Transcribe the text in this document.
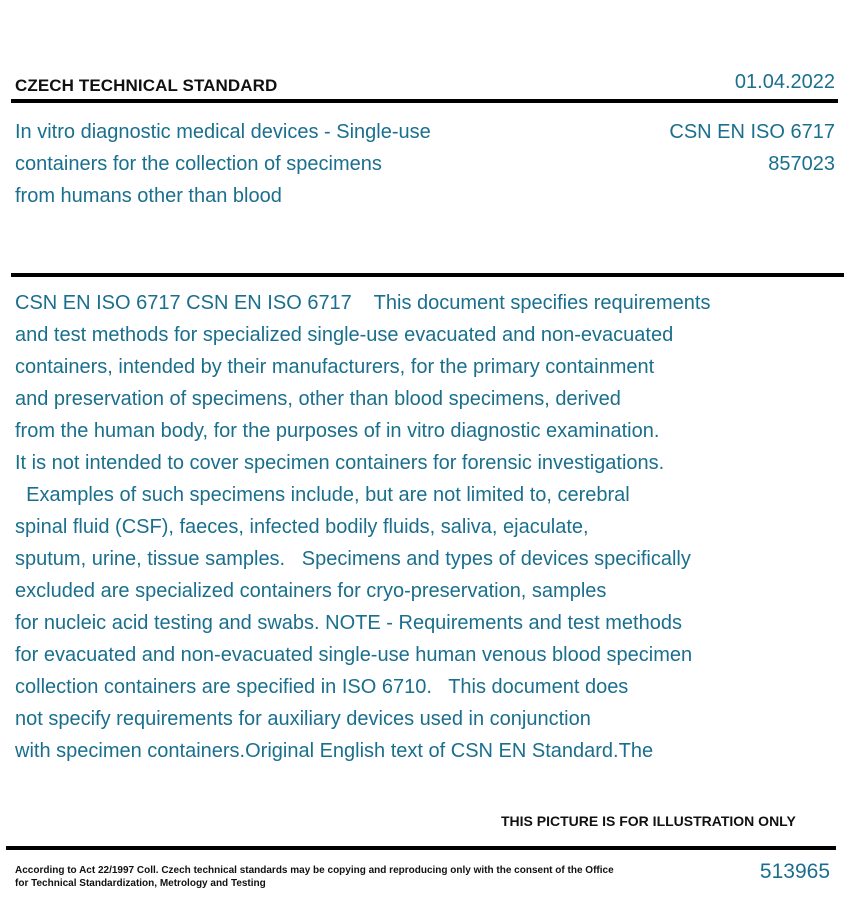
CZECH TECHNICAL STANDARD	01.04.2022
In vitro diagnostic medical devices - Single-use
containers for the collection of specimens
from humans other than blood
CSN EN ISO 6717
857023
CSN EN ISO 6717 CSN EN ISO 6717    This document specifies requirements
and test methods for specialized single-use evacuated and non-evacuated
containers, intended by their manufacturers, for the primary containment
and preservation of specimens, other than blood specimens, derived
from the human body, for the purposes of in vitro diagnostic examination.
It is not intended to cover specimen containers for forensic investigations.
Examples of such specimens include, but are not limited to, cerebral
spinal fluid (CSF), faeces, infected bodily fluids, saliva, ejaculate,
sputum, urine, tissue samples.   Specimens and types of devices specifically
excluded are specialized containers for cryo-preservation, samples
for nucleic acid testing and swabs. NOTE - Requirements and test methods
for evacuated and non-evacuated single-use human venous blood specimen
collection containers are specified in ISO 6710.   This document does
not specify requirements for auxiliary devices used in conjunction
with specimen containers.Original English text of CSN EN Standard.The
THIS PICTURE IS FOR ILLUSTRATION ONLY
According to Act 22/1997 Coll. Czech technical standards may be copying and reproducing only with the consent of the Office
for Technical Standardization, Metrology and Testing
513965
